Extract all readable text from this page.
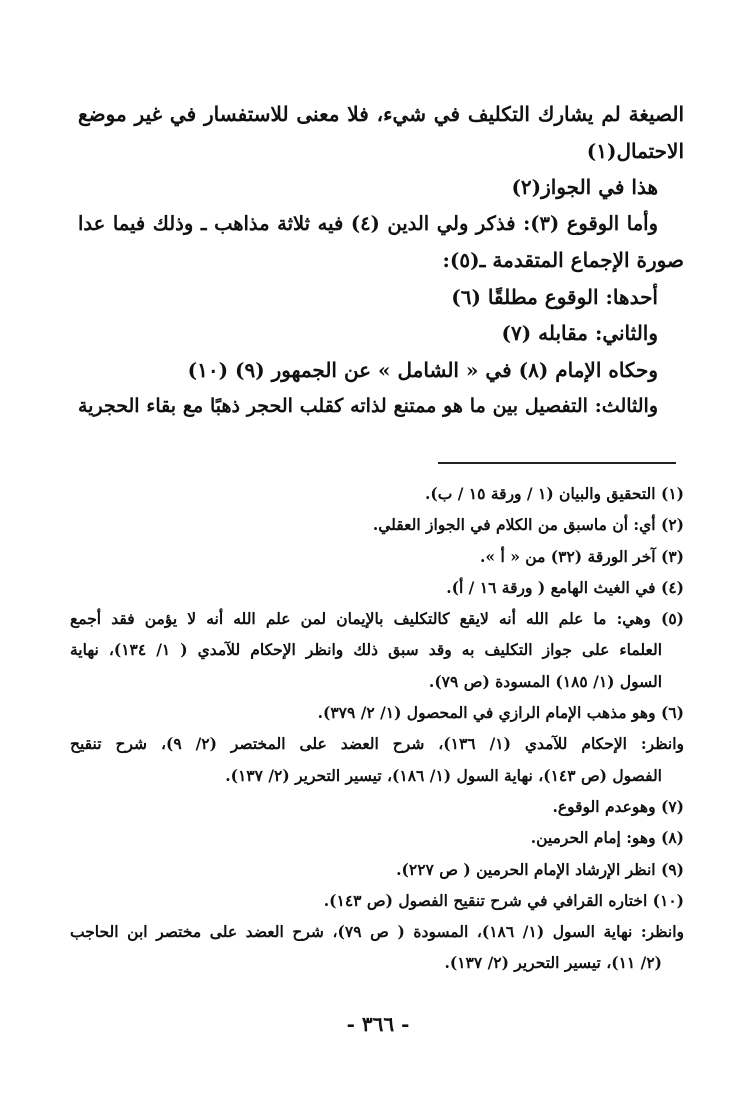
الصيغة لم يشارك التكليف في شيء، فلا معنى للاستفسار في غير موضع

الاحتمال(١)

هذا في الجواز(٢)

وأما الوقوع (٣): فذكر ولي الدين (٤) فيه ثلاثة مذاهب ـ وذلك فيما عدا

صورة الإجماع المتقدمة ـ(٥):

أحدها: الوقوع مطلقًا (٦)

والثاني: مقابله (٧)

وحكاه الإمام (٨) في « الشامل » عن الجمهور (٩) (١٠)

والثالث: التفصيل بين ما هو ممتنع لذاته كقلب الحجر ذهبًا مع بقاء الحجرية

(١) التحقيق والبيان (١ / ورقة ١٥ / ب).

(٢) أي: أن ماسبق من الكلام في الجواز العقلي.

(٣) آخر الورقة (٣٢) من « أ ».

(٤) في الغيث الهامع ( ورقة ١٦ / أ).

(٥) وهي: ما علم الله أنه لايقع كالتكليف بالإيمان لمن علم الله أنه لا يؤمن فقد أجمع

العلماء على جواز التكليف به وقد سبق ذلك وانظر الإحكام للآمدي ( ١/ ١٣٤)، نهاية

السول (١/ ١٨٥) المسودة (ص ٧٩).

(٦) وهو مذهب الإمام الرازي في المحصول (١/ ٢/ ٣٧٩).

وانظر: الإحكام للآمدي (١/ ١٣٦)، شرح العضد على المختصر (٢/ ٩)، شرح تنقيح

الفصول (ص ١٤٣)، نهاية السول (١/ ١٨٦)، تيسير التحرير (٢/ ١٣٧).

(٧) وهوعدم الوقوع.

(٨) وهو: إمام الحرمين.

(٩) انظر الإرشاد الإمام الحرمين ( ص ٢٢٧).

(١٠) اختاره القرافي في شرح تنقيح الفصول (ص ١٤٣).

وانظر: نهاية السول (١/ ١٨٦)، المسودة ( ص ٧٩)، شرح العضد على مختصر ابن الحاجب

(٢/ ١١)، تيسير التحرير (٢/ ١٣٧).

- ٣٦٦ -
